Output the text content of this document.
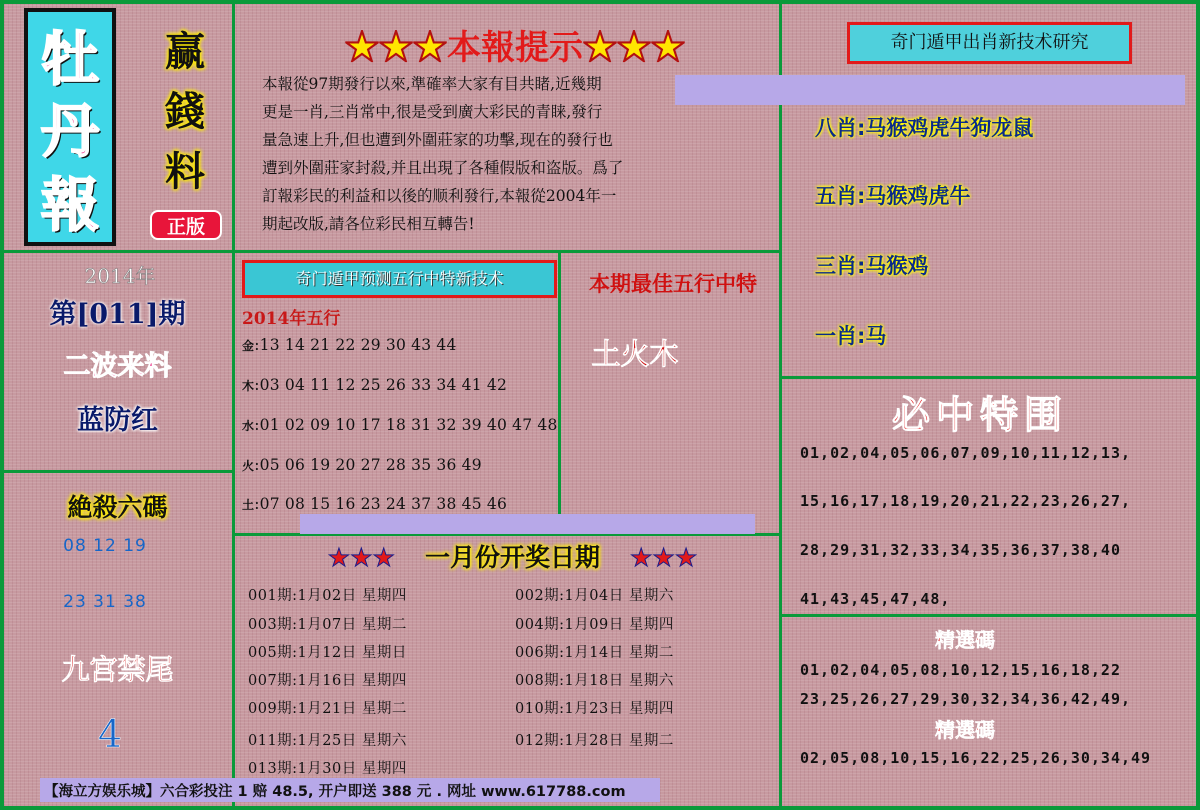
牡
丹
報
赢
錢
料
正版
★★★本報提示★★★
本報從97期發行以來,準確率大家有目共睹,近幾期
更是一肖,三肖常中,很是受到廣大彩民的青睐,發行
量急速上升,但也遭到外圍莊家的功擊,现在的發行也
遭到外圍莊家封殺,并且出現了各種假版和盗版。爲了
訂報彩民的利益和以後的顺利發行,本報從2004年一
期起改版,請各位彩民相互轉告!
奇门遁甲出肖新技术研究
八肖:马猴鸡虎牛狗龙鼠
五肖:马猴鸡虎牛
三肖:马猴鸡
一肖:马
2014年
第[011]期
二波来料
蓝防红
絶殺六碼
08 12 19
23 31 38
九宫禁尾
4
奇门遁甲预测五行中特新技术
2014年五行
金:13 14 21 22 29 30 43 44
木:03 04 11 12 25 26 33 34 41 42
水:01 02 09 10 17 18 31 32 39 40 47 48
火:05 06 19 20 27 28 35 36 49
土:07 08 15 16 23 24 37 38 45 46
本期最佳五行中特
土火木
★★★ 一月份开奖日期 ★★★
001期:1月02日 星期四
003期:1月07日 星期二
005期:1月12日 星期日
007期:1月16日 星期四
009期:1月21日 星期二
011期:1月25日 星期六
013期:1月30日 星期四
002期:1月04日 星期六
004期:1月09日 星期四
006期:1月14日 星期二
008期:1月18日 星期六
010期:1月23日 星期四
012期:1月28日 星期二
必中特围
01,02,04,05,06,07,09,10,11,12,13,
15,16,17,18,19,20,21,22,23,26,27,
28,29,31,32,33,34,35,36,37,38,40
41,43,45,47,48,
精選碼
01,02,04,05,08,10,12,15,16,18,22
23,25,26,27,29,30,32,34,36,42,49,
精選碼
02,05,08,10,15,16,22,25,26,30,34,49
【海立方娱乐城】六合彩投注 1 赔 48.5, 开户即送 388 元 . 网址 www.617788.com
